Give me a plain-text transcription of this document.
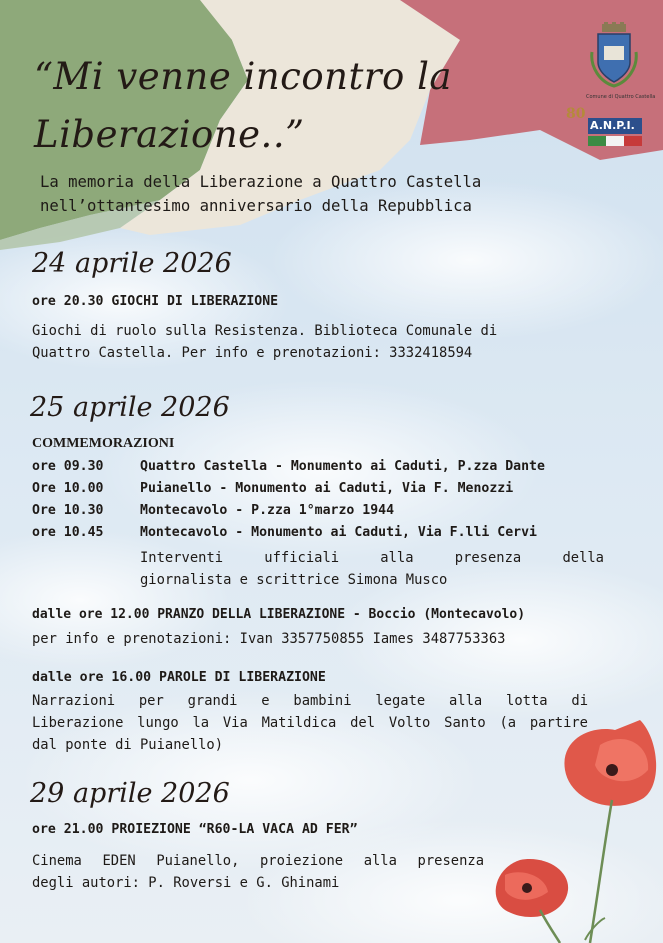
Comune di Quattro Castella
80
A.N.P.I.
“Mi venne incontro la
Liberazione..”
La memoria della Liberazione a Quattro Castella
nell’ottantesimo anniversario della Repubblica
24 aprile 2026
ore 20.30 GIOCHI DI LIBERAZIONE
Giochi di ruolo sulla Resistenza. Biblioteca Comunale di
Quattro Castella. Per info e prenotazioni: 3332418594
25 aprile 2026
COMMEMORAZIONI
ore 09.30	Quattro Castella - Monumento ai Caduti, P.zza Dante
Ore 10.00	Puianello - Monumento ai Caduti, Via F. Menozzi
Ore 10.30	Montecavolo - P.zza 1°marzo 1944
ore 10.45	Montecavolo - Monumento ai Caduti, Via F.lli Cervi
Interventi ufficiali alla presenza della
giornalista e scrittrice Simona Musco
dalle ore 12.00 PRANZO DELLA LIBERAZIONE - Boccio (Montecavolo)
per info e prenotazioni: Ivan 3357750855 Iames 3487753363
dalle ore 16.00 PAROLE DI LIBERAZIONE
Narrazioni per grandi e bambini legate alla lotta di
Liberazione lungo la Via Matildica del Volto Santo (a partire
dal ponte di Puianello)
29 aprile 2026
ore 21.00 PROIEZIONE “R60-LA VACA AD FER”
Cinema EDEN Puianello, proiezione alla presenza
degli autori: P. Roversi e G. Ghinami
